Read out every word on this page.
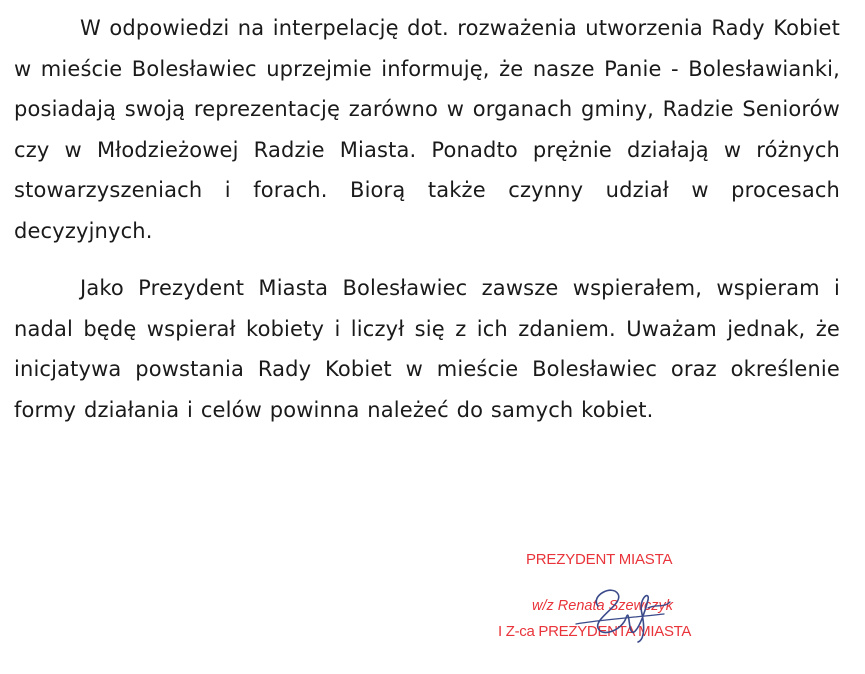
W odpowiedzi na interpelację dot. rozważenia utworzenia Rady Kobiet w mieście Bolesławiec uprzejmie informuję, że nasze Panie - Bolesławianki, posiadają swoją reprezentację zarówno w organach gminy, Radzie Seniorów czy w Młodzieżowej Radzie Miasta. Ponadto prężnie działają w różnych stowarzyszeniach i forach. Biorą także czynny udział w procesach decyzyjnych.

Jako Prezydent Miasta Bolesławiec zawsze wspierałem, wspieram i nadal będę wspierał kobiety i liczył się z ich zdaniem. Uważam jednak, że inicjatywa powstania Rady Kobiet w mieście Bolesławiec oraz określenie formy działania i celów powinna należeć do samych kobiet.

PREZYDENT MIASTA
w/z Renata Szewczyk
I Z-ca PREZYDENTA MIASTA
